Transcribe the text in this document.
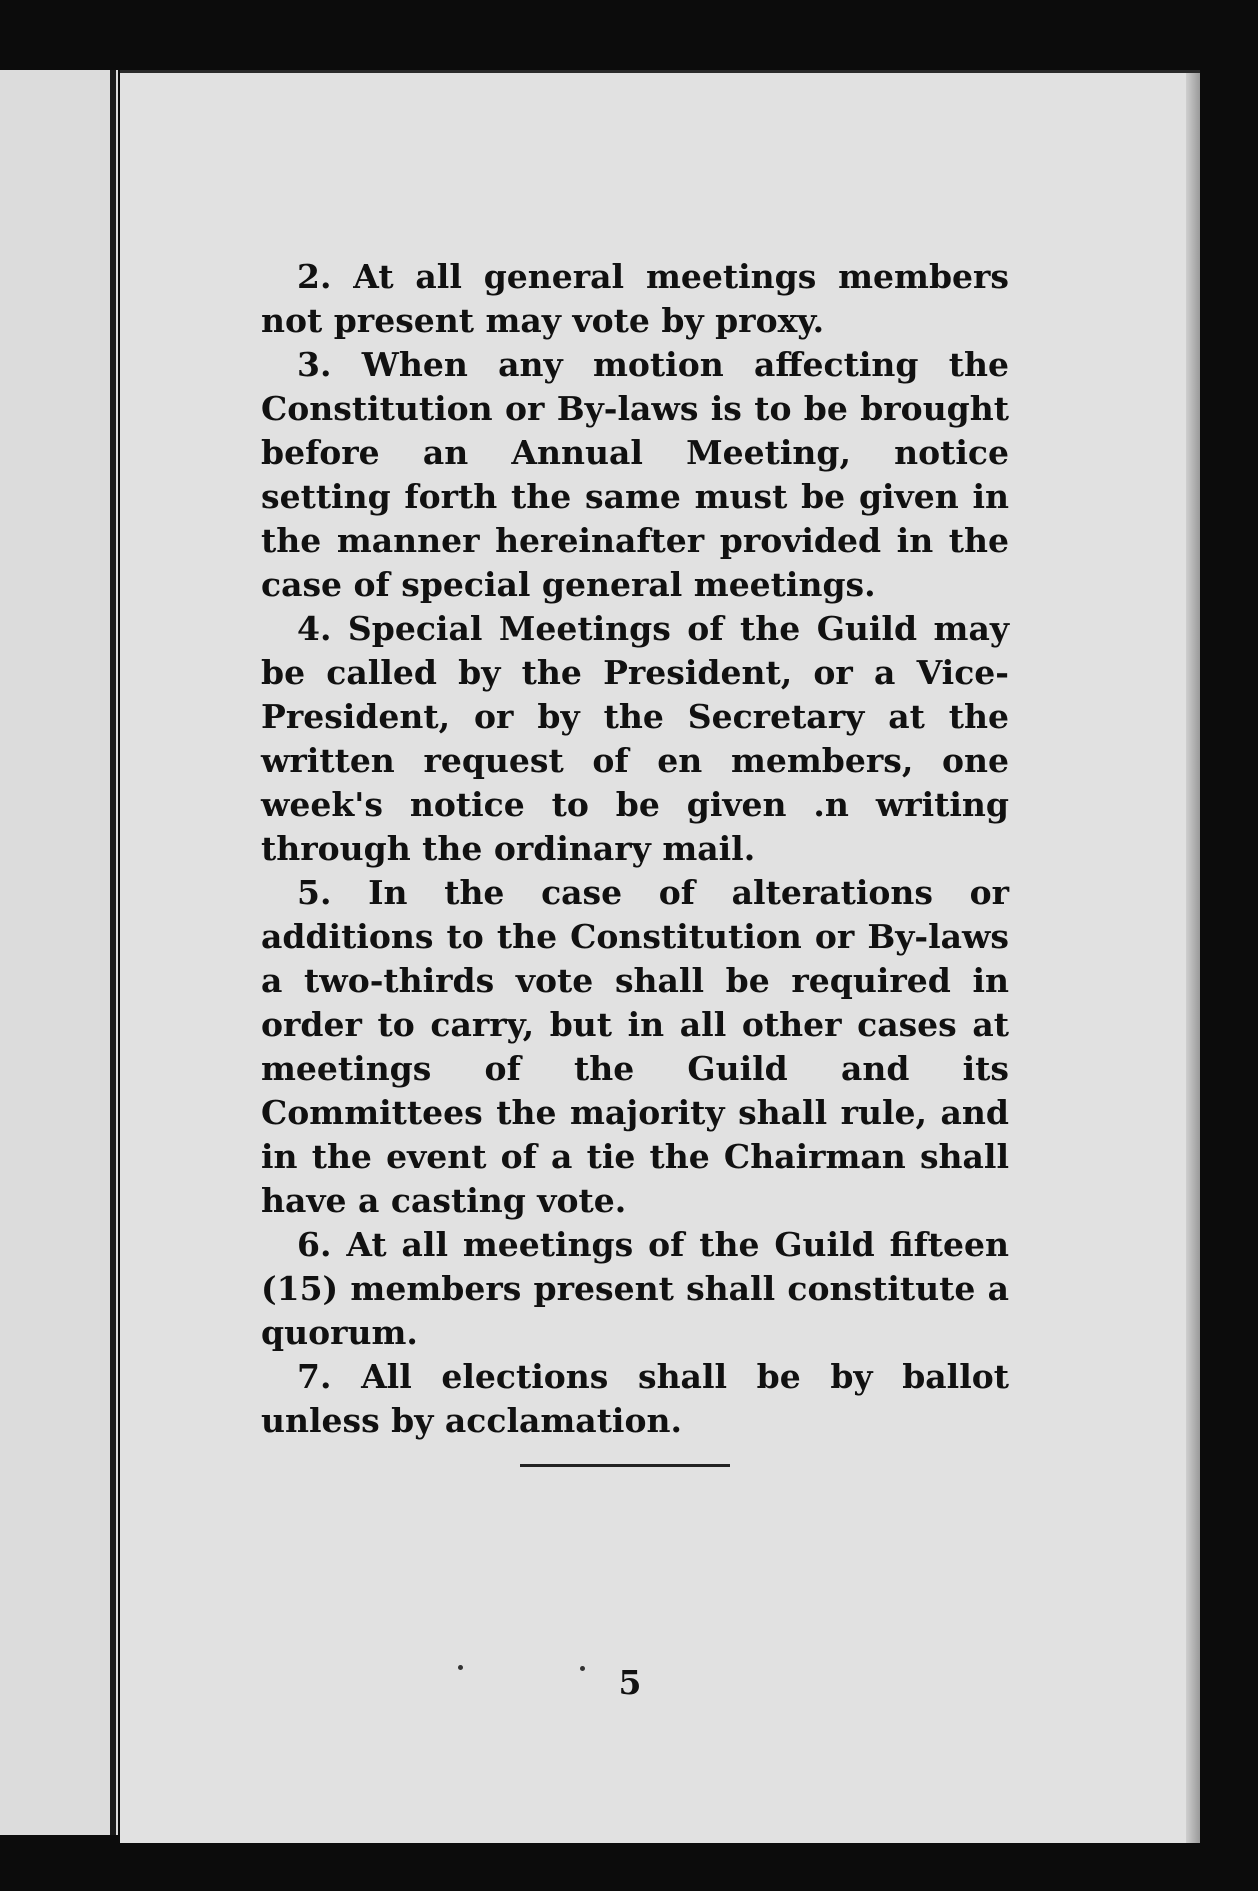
2. At all general meetings members not present may vote by proxy.

3. When any motion affecting the Constitution or By-laws is to be brought before an Annual Meeting, notice setting forth the same must be given in the manner hereinafter provided in the case of special general meetings.

4. Special Meetings of the Guild may be called by the President, or a Vice-President, or by the Secretary at the written request of en members, one week's notice to be given .n writing through the ordinary mail.

5. In the case of alterations or additions to the Constitution or By-laws a two-thirds vote shall be required in order to carry, but in all other cases at meetings of the Guild and its Committees the majority shall rule, and in the event of a tie the Chairman shall have a casting vote.

6. At all meetings of the Guild fifteen (15) members present shall constitute a quorum.

7. All elections shall be by ballot unless by acclamation.

5
